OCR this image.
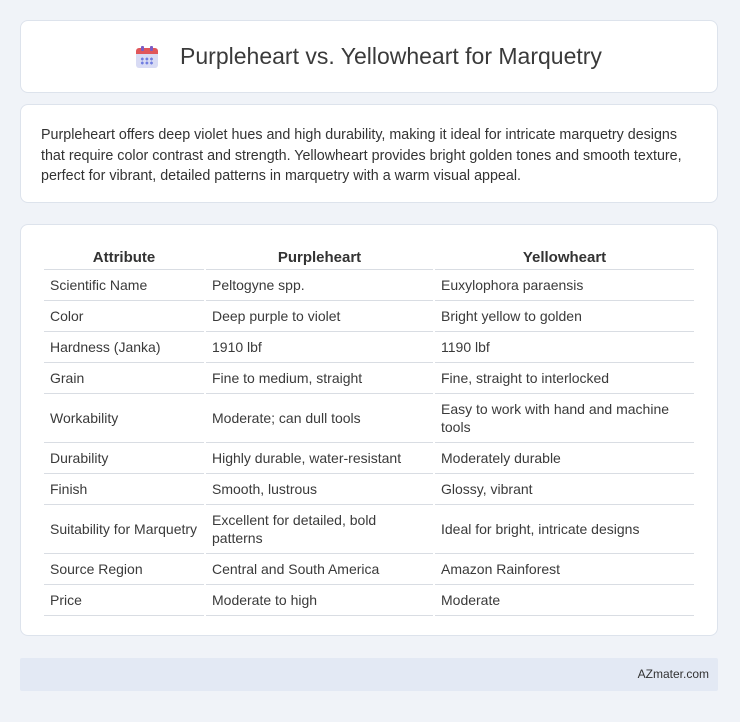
Purpleheart vs. Yellowheart for Marquetry

Purpleheart offers deep violet hues and high durability, making it ideal for intricate marquetry designs that require color contrast and strength. Yellowheart provides bright golden tones and smooth texture, perfect for vibrant, detailed patterns in marquetry with a warm visual appeal.

Attribute	Purpleheart	Yellowheart
Scientific Name	Peltogyne spp.	Euxylophora paraensis
Color	Deep purple to violet	Bright yellow to golden
Hardness (Janka)	1910 lbf	1190 lbf
Grain	Fine to medium, straight	Fine, straight to interlocked
Workability	Moderate; can dull tools	Easy to work with hand and machine tools
Durability	Highly durable, water-resistant	Moderately durable
Finish	Smooth, lustrous	Glossy, vibrant
Suitability for Marquetry	Excellent for detailed, bold patterns	Ideal for bright, intricate designs
Source Region	Central and South America	Amazon Rainforest
Price	Moderate to high	Moderate
AZmater.com
